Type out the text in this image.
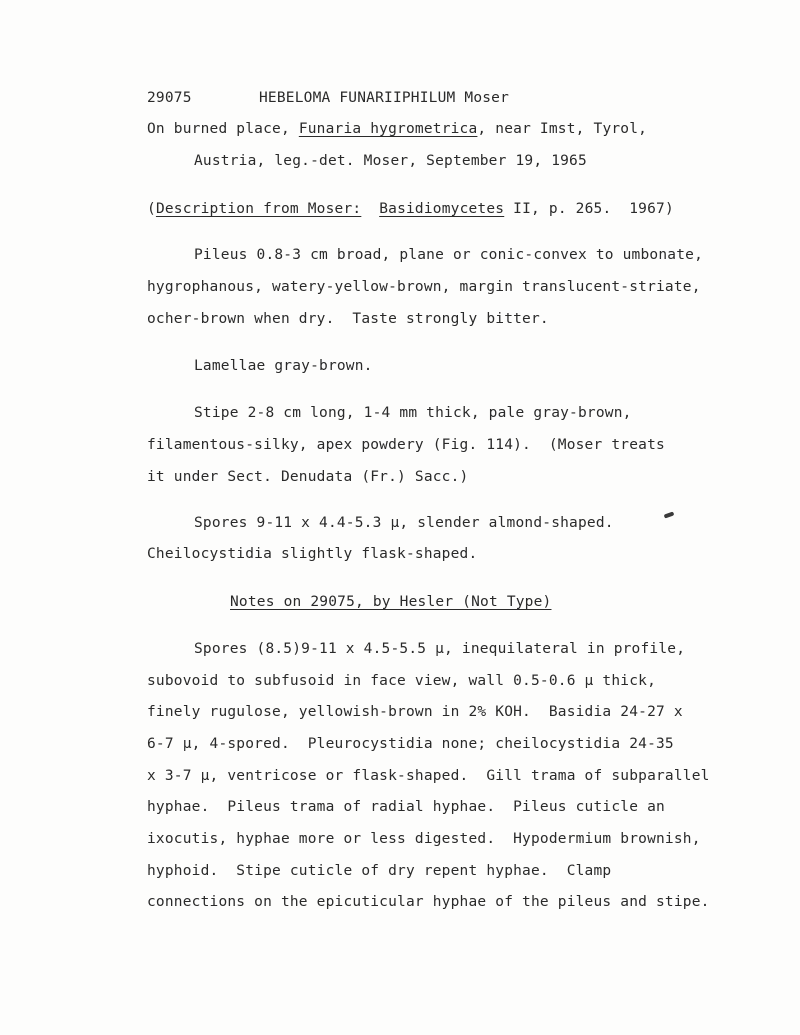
29075	HEBELOMA FUNARIIPHILUM Moser
On burned place, Funaria hygrometrica, near Imst, Tyrol,
Austria, leg.-det. Moser, September 19, 1965
(Description from Moser: Basidiomycetes II, p. 265.  1967)
Pileus 0.8-3 cm broad, plane or conic-convex to umbonate,
hygrophanous, watery-yellow-brown, margin translucent-striate,
ocher-brown when dry.  Taste strongly bitter.
Lamellae gray-brown.
Stipe 2-8 cm long, 1-4 mm thick, pale gray-brown,
filamentous-silky, apex powdery (Fig. 114).  (Moser treats
it under Sect. Denudata (Fr.) Sacc.)
Spores 9-11 x 4.4-5.3 µ, slender almond-shaped.
Cheilocystidia slightly flask-shaped.
Notes on 29075, by Hesler (Not Type)
Spores (8.5)9-11 x 4.5-5.5 µ, inequilateral in profile,
subovoid to subfusoid in face view, wall 0.5-0.6 µ thick,
finely rugulose, yellowish-brown in 2% KOH.  Basidia 24-27 x
6-7 µ, 4-spored.  Pleurocystidia none; cheilocystidia 24-35
x 3-7 µ, ventricose or flask-shaped.  Gill trama of subparallel
hyphae.  Pileus trama of radial hyphae.  Pileus cuticle an
ixocutis, hyphae more or less digested.  Hypodermium brownish,
hyphoid.  Stipe cuticle of dry repent hyphae.  Clamp
connections on the epicuticular hyphae of the pileus and stipe.
